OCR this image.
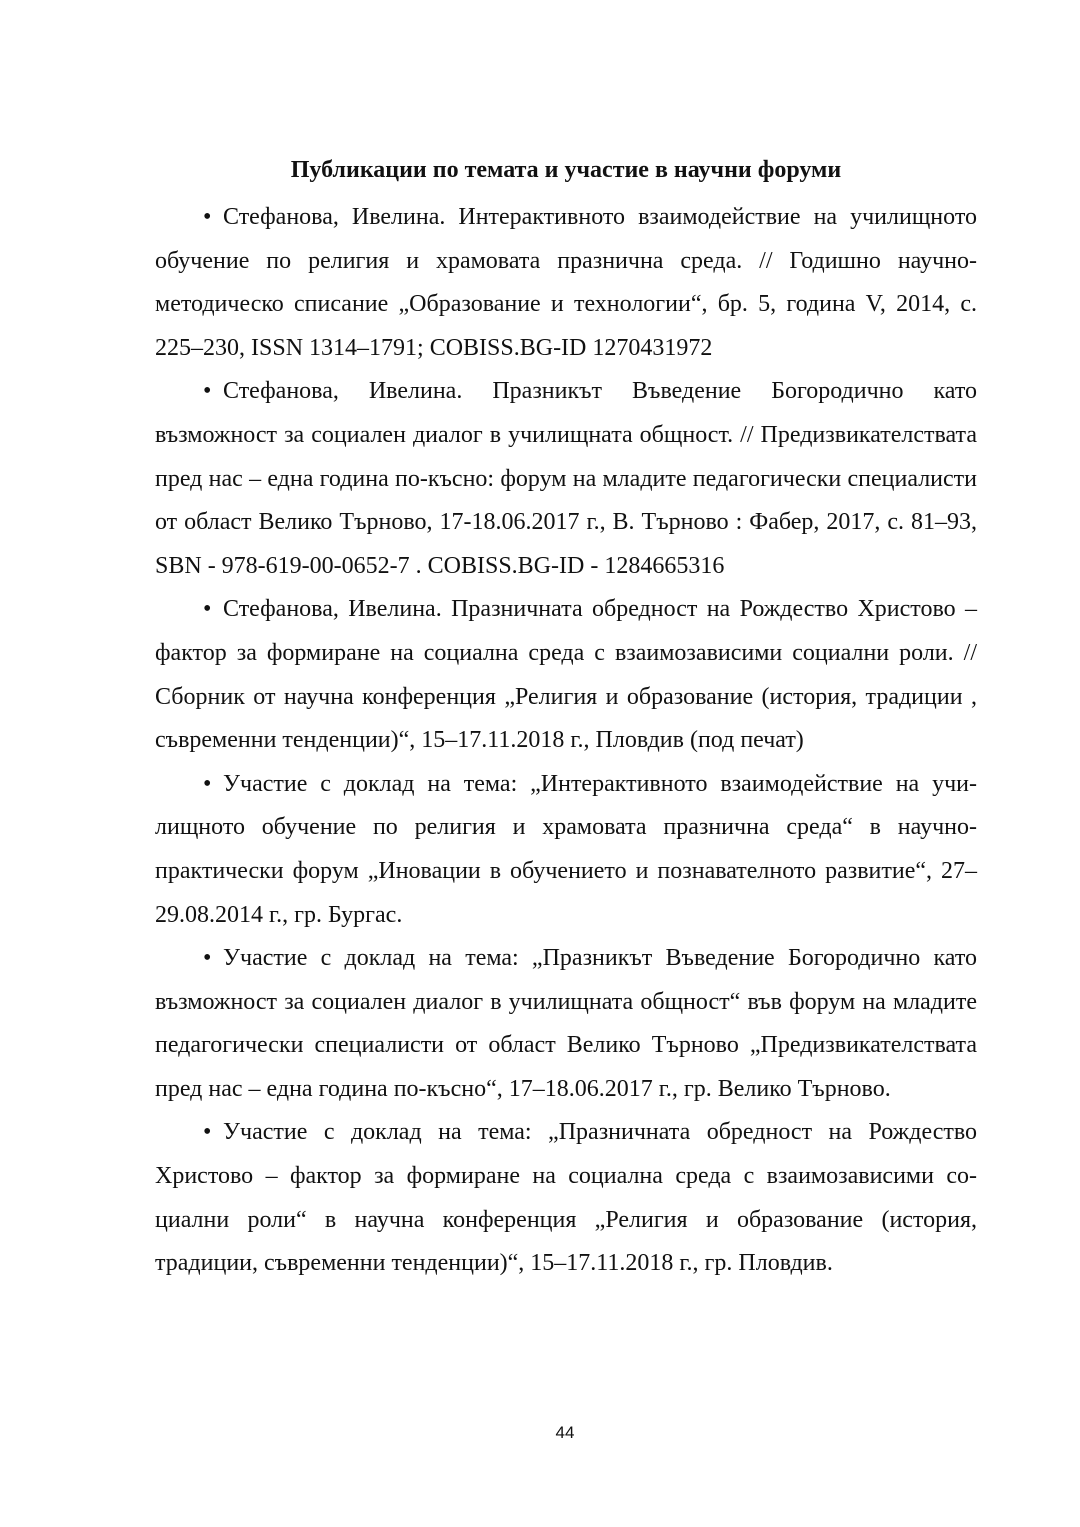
Публикации по темата и участие в научни форуми

• Стефанова, Ивелина. Интерактивното взаимодействие на училищното обучение по религия и храмовата празнична среда. // Годишно научно-методическо списание „Образование и технологии“, бр. 5, година V, 2014, с. 225–230, ISSN 1314–1791; COBISS.BG-ID 1270431972

• Стефанова, Ивелина. Празникът Въведение Богородично като възможност за социален диалог в училищната общност. // Предизвикателствата пред нас – една година по-късно: форум на младите педагогически специалисти от област Велико Търново, 17-18.06.2017 г., В. Търново : Фабер, 2017, с. 81–93, SBN - 978-619-00-0652-7 . COBISS.BG-ID - 1284665316

• Стефанова, Ивелина. Празничната обредност на Рождество Христово – фактор за формиране на социална среда с взаимозависими социални роли. // Сборник от научна конференция „Религия и образование (история, традиции , съвременни тенденции)“, 15–17.11.2018 г., Пловдив (под печат)

• Участие с доклад на тема: „Интерактивното взаимодействие на училищното обучение по религия и храмовата празнична среда“ в научно-практически форум „Иновации в обучението и познавателното развитие“, 27–29.08.2014 г., гр. Бургас.

• Участие с доклад на тема: „Празникът Въведение Богородично като възможност за социален диалог в училищната общност“ във форум на младите педагогически специалисти от област Велико Търново „Предизвикателствата пред нас – една година по-късно“, 17–18.06.2017 г., гр. Велико Търново.

• Участие с доклад на тема: „Празничната обредност на Рождество Христово – фактор за формиране на социална среда с взаимозависими социални роли“ в научна конференция „Религия и образование (история, традиции, съвременни тенденции)“, 15–17.11.2018 г., гр. Пловдив.

44
